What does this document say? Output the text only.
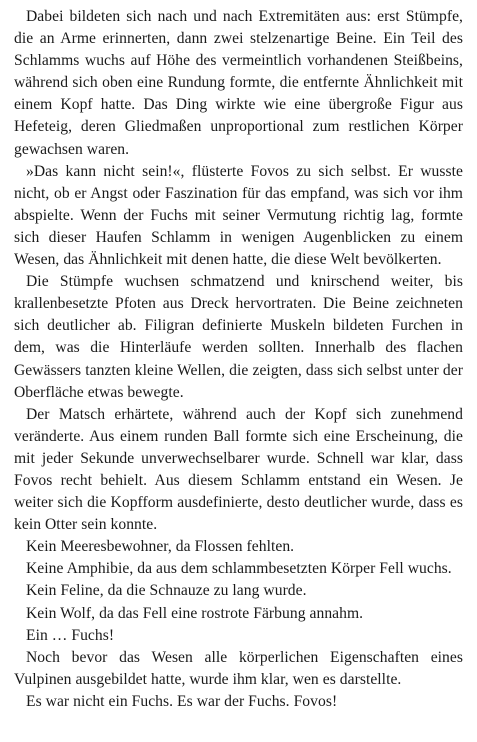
Dabei bildeten sich nach und nach Extremitäten aus: erst Stümpfe, die an Arme erinnerten, dann zwei stelzenartige Beine. Ein Teil des Schlamms wuchs auf Höhe des vermeintlich vorhandenen Steißbeins, während sich oben eine Rundung formte, die entfernte Ähnlichkeit mit einem Kopf hatte. Das Ding wirkte wie eine übergroße Figur aus Hefeteig, deren Gliedmaßen unproportional zum restlichen Körper gewachsen waren.

»Das kann nicht sein!«, flüsterte Fovos zu sich selbst. Er wusste nicht, ob er Angst oder Faszination für das empfand, was sich vor ihm abspielte. Wenn der Fuchs mit seiner Vermutung richtig lag, formte sich dieser Haufen Schlamm in wenigen Augenblicken zu einem Wesen, das Ähnlichkeit mit denen hatte, die diese Welt bevölkerten.

Die Stümpfe wuchsen schmatzend und knirschend weiter, bis krallenbesetzte Pfoten aus Dreck hervortraten. Die Beine zeichneten sich deutlicher ab. Filigran definierte Muskeln bildeten Furchen in dem, was die Hinterläufe werden sollten. Innerhalb des flachen Gewässers tanzten kleine Wellen, die zeigten, dass sich selbst unter der Oberfläche etwas bewegte.

Der Matsch erhärtete, während auch der Kopf sich zunehmend veränderte. Aus einem runden Ball formte sich eine Erscheinung, die mit jeder Sekunde unverwechselbarer wurde. Schnell war klar, dass Fovos recht behielt. Aus diesem Schlamm entstand ein Wesen. Je weiter sich die Kopfform ausdefinierte, desto deutlicher wurde, dass es kein Otter sein konnte.

Kein Meeresbewohner, da Flossen fehlten.

Keine Amphibie, da aus dem schlammbesetzten Körper Fell wuchs.

Kein Feline, da die Schnauze zu lang wurde.

Kein Wolf, da das Fell eine rostrote Färbung annahm.

Ein … Fuchs!

Noch bevor das Wesen alle körperlichen Eigenschaften eines Vulpinen ausgebildet hatte, wurde ihm klar, wen es darstellte.

Es war nicht ein Fuchs. Es war der Fuchs. Fovos!
